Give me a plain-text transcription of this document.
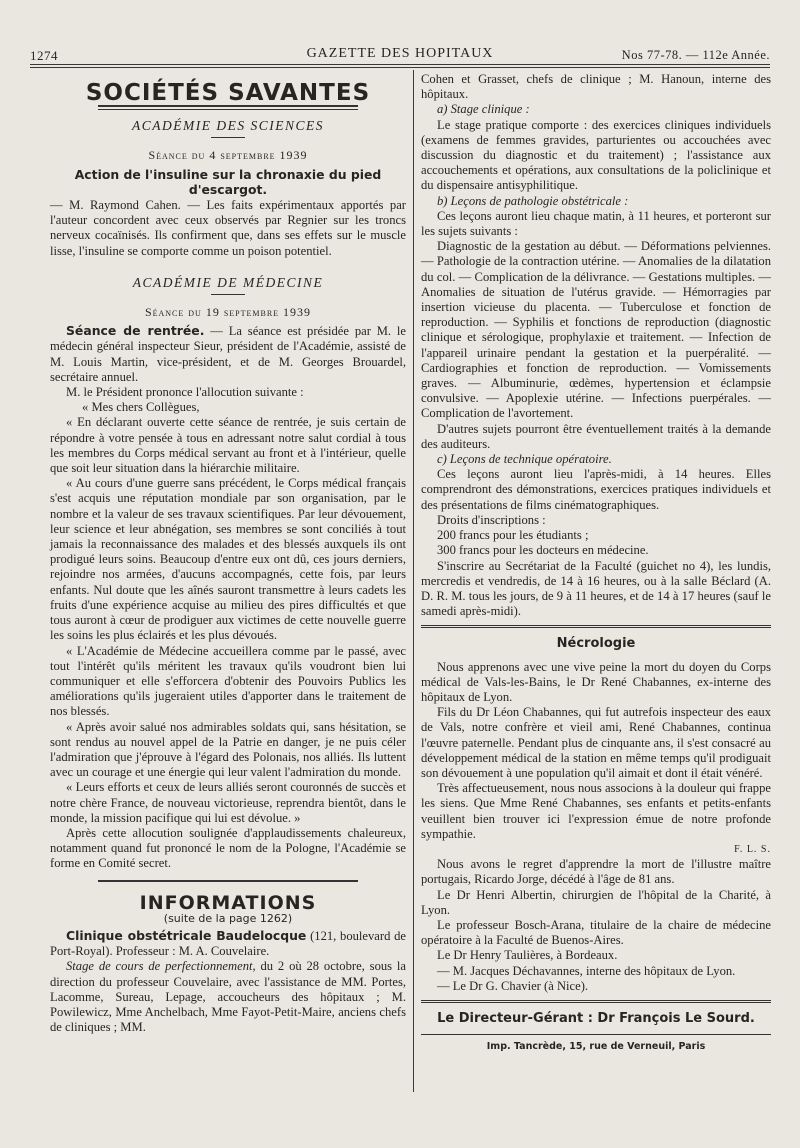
1274	GAZETTE DES HOPITAUX	Nos 77-78. — 112e Année.
SOCIÉTÉS SAVANTES
ACADÉMIE DES SCIENCES
Séance du 4 septembre 1939
Action de l'insuline sur la chronaxie du pied d'escargot.

— M. Raymond Cahen. — Les faits expérimentaux apportés par l'auteur concordent avec ceux observés par Regnier sur les troncs nerveux cocaïnisés. Ils confirment que, dans ses effets sur le muscle lisse, l'insuline se comporte comme un poison potentiel.

ACADÉMIE DE MÉDECINE
Séance du 19 septembre 1939

Séance de rentrée. — La séance est présidée par M. le médecin général inspecteur Sieur, président de l'Académie, assisté de M. Louis Martin, vice-président, et de M. Georges Brouardel, secrétaire annuel.

M. le Président prononce l'allocution suivante :

« Mes chers Collègues,

« En déclarant ouverte cette séance de rentrée, je suis certain de répondre à votre pensée à tous en adressant notre salut cordial à tous les membres du Corps médical servant au front et à l'intérieur, quelle que soit leur situation dans la hiérarchie militaire.

« Au cours d'une guerre sans précédent, le Corps médical français s'est acquis une réputation mondiale par son organisation, par le nombre et la valeur de ses travaux scientifiques. Par leur dévouement, leur science et leur abnégation, ses membres se sont conciliés à tout jamais la reconnaissance des malades et des blessés auxquels ils ont prodigué leurs soins. Beaucoup d'entre eux ont dû, ces jours derniers, rejoindre nos armées, d'aucuns accompagnés, cette fois, par leurs enfants. Nul doute que les aînés sauront transmettre à leurs cadets les fruits d'une expérience acquise au milieu des pires difficultés et que tous auront à cœur de prodiguer aux victimes de cette nouvelle guerre les soins les plus éclairés et les plus dévoués.

« L'Académie de Médecine accueillera comme par le passé, avec tout l'intérêt qu'ils méritent les travaux qu'ils voudront bien lui communiquer et elle s'efforcera d'obtenir des Pouvoirs Publics les améliorations qu'ils jugeraient utiles d'apporter dans le traitement de nos blessés.

« Après avoir salué nos admirables soldats qui, sans hésitation, se sont rendus au nouvel appel de la Patrie en danger, je ne puis céler l'admiration que j'éprouve à l'égard des Polonais, nos alliés. Ils luttent avec un courage et une énergie qui leur valent l'admiration du monde.

« Leurs efforts et ceux de leurs alliés seront couronnés de succès et notre chère France, de nouveau victorieuse, reprendra bientôt, dans le monde, la mission pacifique qui lui est dévolue. »

Après cette allocution soulignée d'applaudissements chaleureux, notamment quand fut prononcé le nom de la Pologne, l'Académie se forme en Comité secret.

INFORMATIONS
(suite de la page 1262)

Clinique obstétricale Baudelocque (121, boulevard de Port-Royal). Professeur : M. A. Couvelaire.

Stage de cours de perfectionnement, du 2 où 28 octobre, sous la direction du professeur Couvelaire, avec l'assistance de MM. Portes, Lacomme, Sureau, Lepage, accoucheurs des hôpitaux ; M. Powilewicz, Mme Anchelbach, Mme Fayot-Petit-Maire, anciens chefs de cliniques ; MM.

Cohen et Grasset, chefs de clinique ; M. Hanoun, interne des hôpitaux.

a) Stage clinique :

Le stage pratique comporte : des exercices cliniques individuels (examens de femmes gravides, parturientes ou accouchées avec discussion du diagnostic et du traitement) ; l'assistance aux accouchements et opérations, aux consultations de la policlinique et du dispensaire antisyphilitique.

b) Leçons de pathologie obstétricale :

Ces leçons auront lieu chaque matin, à 11 heures, et porteront sur les sujets suivants :

Diagnostic de la gestation au début. — Déformations pelviennes. — Pathologie de la contraction utérine. — Anomalies de la dilatation du col. — Complication de la délivrance. — Gestations multiples. — Anomalies de situation de l'utérus gravide. — Hémorragies par insertion vicieuse du placenta. — Tuberculose et fonction de reproduction. — Syphilis et fonctions de reproduction (diagnostic clinique et sérologique, prophylaxie et traitement. — Infection de l'appareil urinaire pendant la gestation et la puerpéralité. — Cardiographies et fonction de reproduction. — Vomissements graves. — Albuminurie, œdèmes, hypertension et éclampsie convulsive. — Apoplexie utérine. — Infections puerpérales. — Complication de l'avortement.

D'autres sujets pourront être éventuellement traités à la demande des auditeurs.

c) Leçons de technique opératoire.

Ces leçons auront lieu l'après-midi, à 14 heures. Elles comprendront des démonstrations, exercices pratiques individuels et des présentations de films cinématographiques.

Droits d'inscriptions :

200 francs pour les étudiants ;

300 francs pour les docteurs en médecine.

S'inscrire au Secrétariat de la Faculté (guichet no 4), les lundis, mercredis et vendredis, de 14 à 16 heures, ou à la salle Béclard (A. D. R. M. tous les jours, de 9 à 11 heures, et de 14 à 17 heures (sauf le samedi après-midi).

Nécrologie

Nous apprenons avec une vive peine la mort du doyen du Corps médical de Vals-les-Bains, le Dr René Chabannes, ex-interne des hôpitaux de Lyon.

Fils du Dr Léon Chabannes, qui fut autrefois inspecteur des eaux de Vals, notre confrère et vieil ami, René Chabannes, continua l'œuvre paternelle. Pendant plus de cinquante ans, il s'est consacré au développement médical de la station en même temps qu'il prodiguait son dévouement à une population qu'il aimait et dont il était vénéré.

Très affectueusement, nous nous associons à la douleur qui frappe les siens. Que Mme René Chabannes, ses enfants et petits-enfants veuillent bien trouver ici l'expression émue de notre profonde sympathie.

F. L. S.

Nous avons le regret d'apprendre la mort de l'illustre maître portugais, Ricardo Jorge, décédé à l'âge de 81 ans.

Le Dr Henri Albertin, chirurgien de l'hôpital de la Charité, à Lyon.

Le professeur Bosch-Arana, titulaire de la chaire de médecine opératoire à la Faculté de Buenos-Aires.

Le Dr Henry Taulières, à Bordeaux.

— M. Jacques Déchavannes, interne des hôpitaux de Lyon.

— Le Dr G. Chavier (à Nice).

Le Directeur-Gérant : Dr François Le Sourd.
Imp. Tancrède, 15, rue de Verneuil, Paris
